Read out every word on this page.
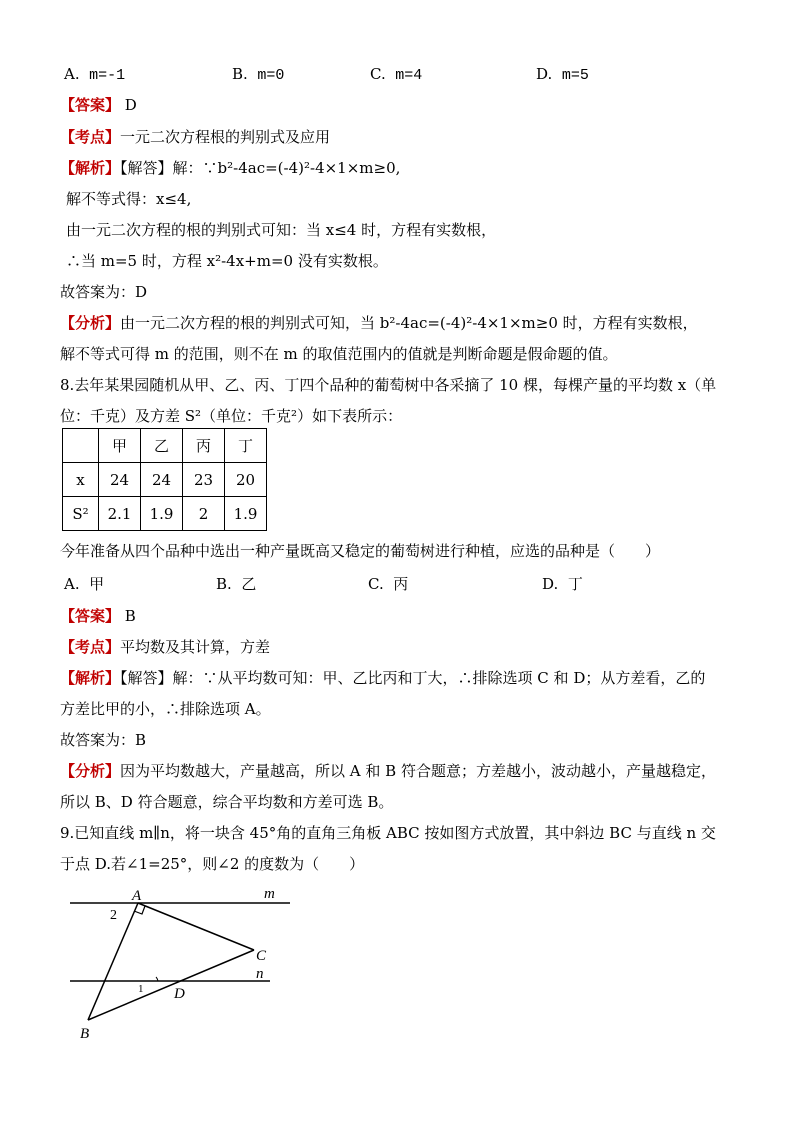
A. m=-1	B. m=0	C. m=4	D. m=5
【答案】 D
【考点】一元二次方程根的判别式及应用
【解析】【解答】解：∵b²-4ac=(-4)²-4×1×m≥0,
解不等式得：x≤4,
由一元二次方程的根的判别式可知：当 x≤4 时，方程有实数根，
∴当 m=5 时，方程 x²-4x+m=0 没有实数根。
故答案为：D
【分析】由一元二次方程的根的判别式可知，当 b²-4ac=(-4)²-4×1×m≥0 时，方程有实数根，
解不等式可得 m 的范围，则不在 m 的取值范围内的值就是判断命题是假命题的值。
8.去年某果园随机从甲、乙、丙、丁四个品种的葡萄树中各采摘了 10 棵，每棵产量的平均数 x（单
位：千克）及方差 S²（单位：千克²）如下表所示：
	甲	乙	丙	丁
x	24	24	23	20
S²	2.1	1.9	2	1.9
今年准备从四个品种中选出一种产量既高又稳定的葡萄树进行种植，应选的品种是（　　）
A. 甲	B. 乙	C. 丙	D. 丁
【答案】 B
【考点】平均数及其计算，方差
【解析】【解答】解：∵从平均数可知：甲、乙比丙和丁大，∴排除选项 C 和 D；从方差看，乙的
方差比甲的小，∴排除选项 A。
故答案为：B
【分析】因为平均数越大，产量越高，所以 A 和 B 符合题意；方差越小，波动越小，产量越稳定，
所以 B、D 符合题意，综合平均数和方差可选 B。
9.已知直线 m∥n，将一块含 45°角的直角三角板 ABC 按如图方式放置，其中斜边 BC 与直线 n 交
于点 D.若∠1=25°，则∠2 的度数为（　　）
A
B
C
D
m
n
1
2
